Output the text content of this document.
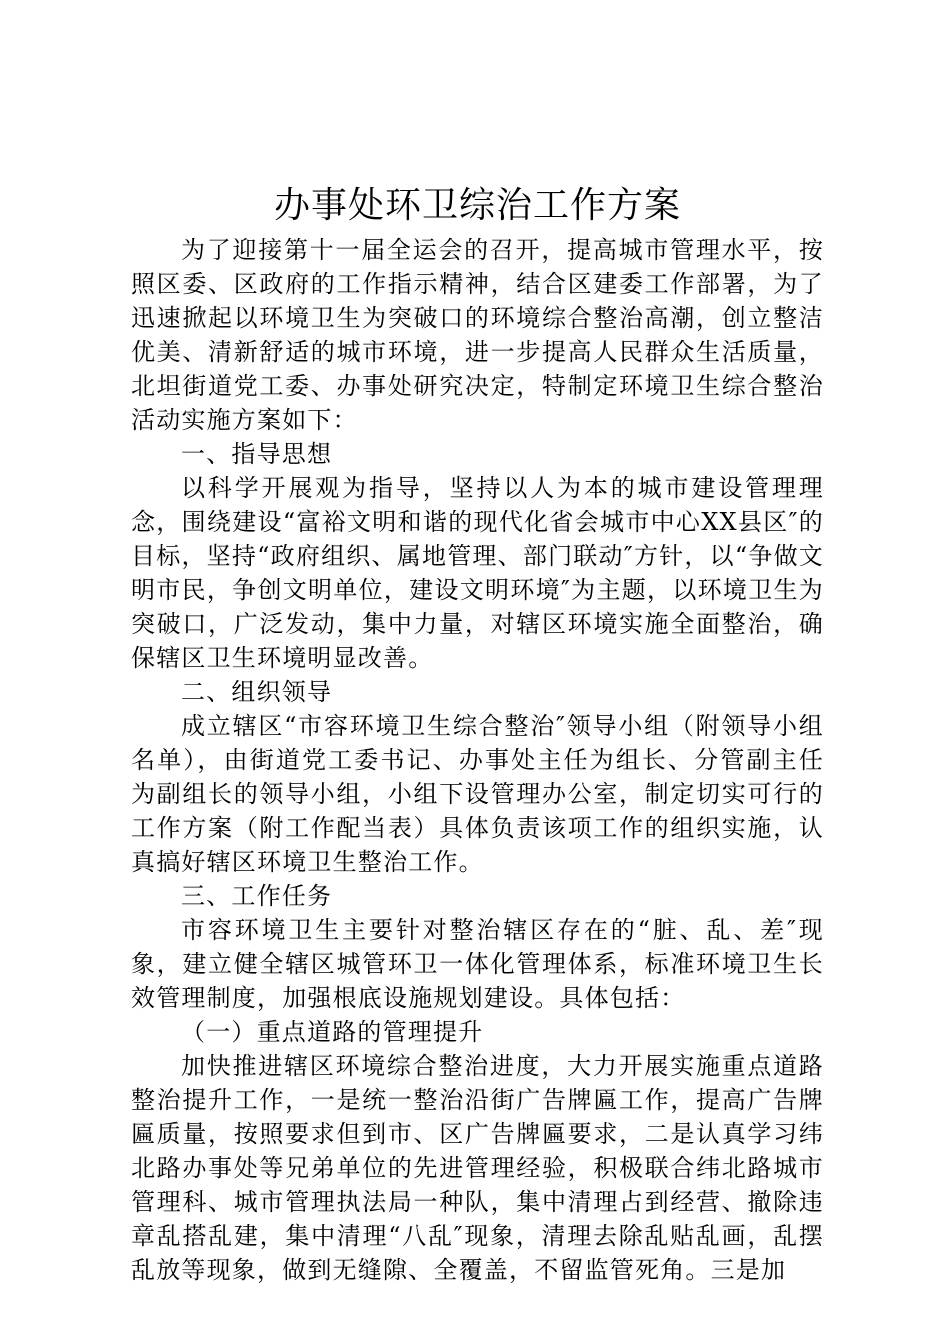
办事处环卫综治工作方案

为了迎接第十一届全运会的召开，提高城市管理水平，按照区委、区政府的工作指示精神，结合区建委工作部署，为了迅速掀起以环境卫生为突破口的环境综合整治高潮，创立整洁优美、清新舒适的城市环境，进一步提高人民群众生活质量，北坦街道党工委、办事处研究决定，特制定环境卫生综合整治活动实施方案如下：

一、指导思想

以科学开展观为指导，坚持以人为本的城市建设管理理念，围绕建设“富裕文明和谐的现代化省会城市中心XX县区″的目标，坚持“政府组织、属地管理、部门联动″方针，以“争做文明市民，争创文明单位，建设文明环境″为主题，以环境卫生为突破口，广泛发动，集中力量，对辖区环境实施全面整治，确保辖区卫生环境明显改善。

二、组织领导

成立辖区“市容环境卫生综合整治″领导小组（附领导小组名单），由街道党工委书记、办事处主任为组长、分管副主任为副组长的领导小组，小组下设管理办公室，制定切实可行的工作方案（附工作配当表）具体负责该项工作的组织实施，认真搞好辖区环境卫生整治工作。

三、工作任务

市容环境卫生主要针对整治辖区存在的“脏、乱、差″现象，建立健全辖区城管环卫一体化管理体系，标准环境卫生长效管理制度，加强根底设施规划建设。具体包括：

（一）重点道路的管理提升

加快推进辖区环境综合整治进度，大力开展实施重点道路整治提升工作，一是统一整治沿街广告牌匾工作，提高广告牌匾质量，按照要求但到市、区广告牌匾要求，二是认真学习纬北路办事处等兄弟单位的先进管理经验，积极联合纬北路城市管理科、城市管理执法局一种队，集中清理占到经营、撤除违章乱搭乱建，集中清理“八乱″现象，清理去除乱贴乱画，乱摆乱放等现象，做到无缝隙、全覆盖，不留监管死角。三是加
